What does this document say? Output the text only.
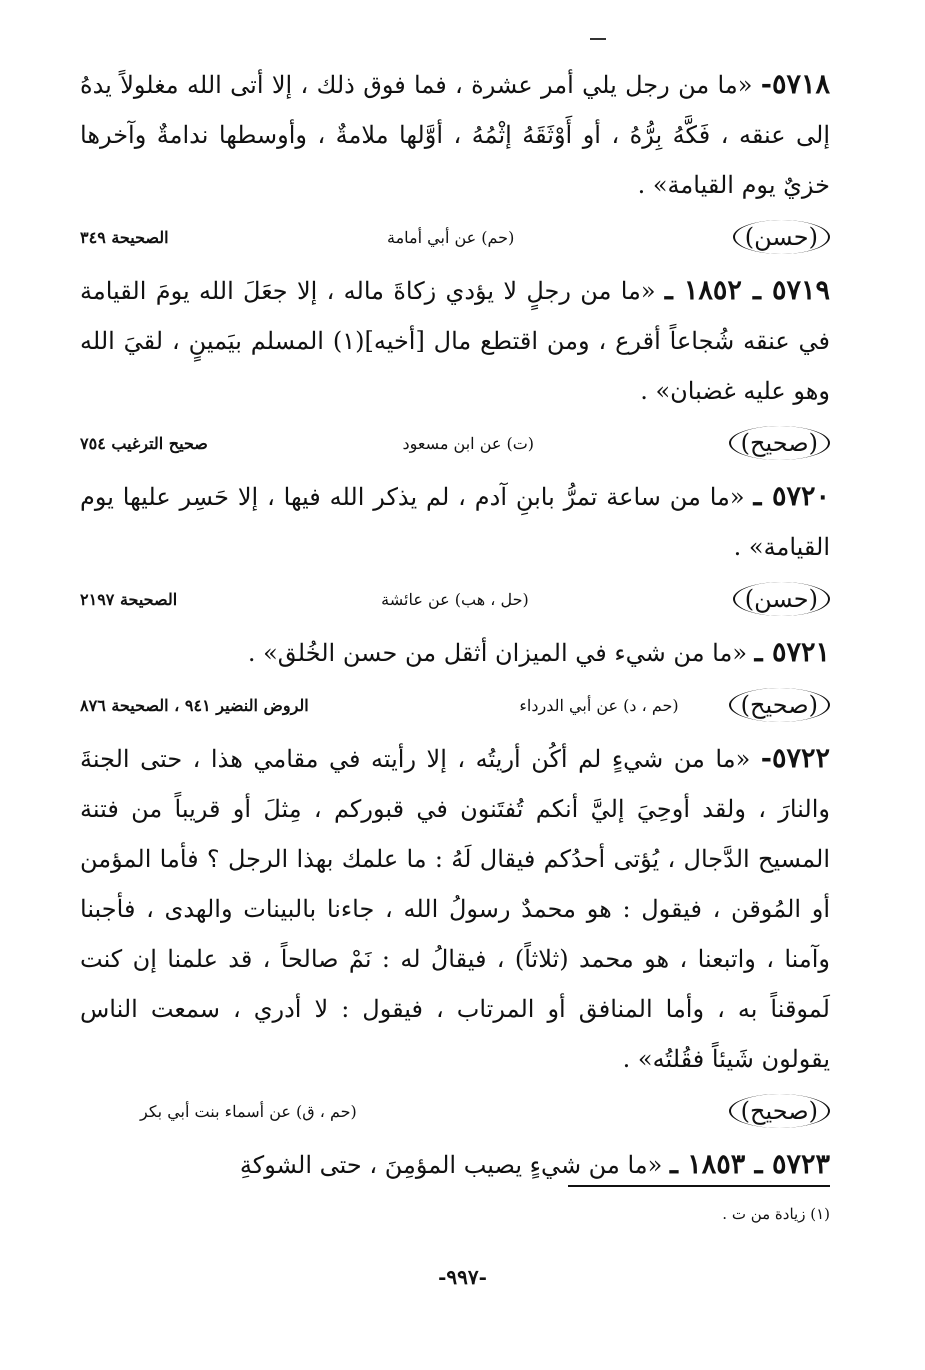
٥٧١٨- «ما من رجل يلي أمر عشرة ، فما فوق ذلك ، إلا أتى الله مغلولاً يدهُ إلى عنقه ، فَكَّهُ بِرُّهُ ، أو أَوْثَقَهُ إثْمُهُ ، أوَّلها ملامةٌ ، وأوسطها ندامةٌ وآخرها خزيٌ يوم القيامة» .

(حسن)
(حم) عن أبي أمامة
الصحيحة ٣٤٩

٥٧١٩ ـ ١٨٥٢ ـ «ما من رجلٍ لا يؤدي زكاةَ ماله ، إلا جعَلَ الله يومَ القيامة في عنقه شُجاعاً أقرع ، ومن اقتطع مال [أخيه](١) المسلم بيَمينٍ ، لقيَ الله وهو عليه غضبان» .

(صحيح)
(ت) عن ابن مسعود
صحيح الترغيب ٧٥٤

٥٧٢٠ ـ «ما من ساعة تمرُّ بابنِ آدم ، لم يذكر الله فيها ، إلا حَسِر عليها يوم القيامة» .

(حسن)
(حل ، هب) عن عائشة
الصحيحة ٢١٩٧

٥٧٢١ ـ «ما من شيء في الميزان أثقل من حسن الخُلق» .

(صحيح)
(حم ، د) عن أبي الدرداء
الروض النضير ٩٤١ ، الصحيحة ٨٧٦

٥٧٢٢- «ما من شيءٍ لم أكُن أريتُه ، إلا رأيته في مقامي هذا ، حتى الجنةَ والنارَ ، ولقد أوحِيَ إليَّ أنكم تُفتَنون في قبوركم ، مِثلَ أو قريباً من فتنة المسيح الدَّجال ، يُؤتى أحدُكم فيقال لَهُ : ما علمك بهذا الرجل ؟ فأما المؤمن أو المُوقن ، فيقول : هو محمدٌ رسولُ الله ، جاءنا بالبينات والهدى ، فأجبنا وآمنا ، واتبعنا ، هو محمد (ثلاثاً) ، فيقالُ له : نَمْ صالحاً ، قد علمنا إن كنت لَموقناً به ، وأما المنافق أو المرتاب ، فيقول : لا أدري ، سمعت الناس يقولون شَيئاً فقُلتُه» .

(صحيح)
(حم ، ق) عن أسماء بنت أبي بكر

٥٧٢٣ ـ ١٨٥٣ ـ «ما من شيءٍ يصيب المؤمِنَ ، حتى الشوكةِ

(١) زيادة من ت .
-٩٩٧-
